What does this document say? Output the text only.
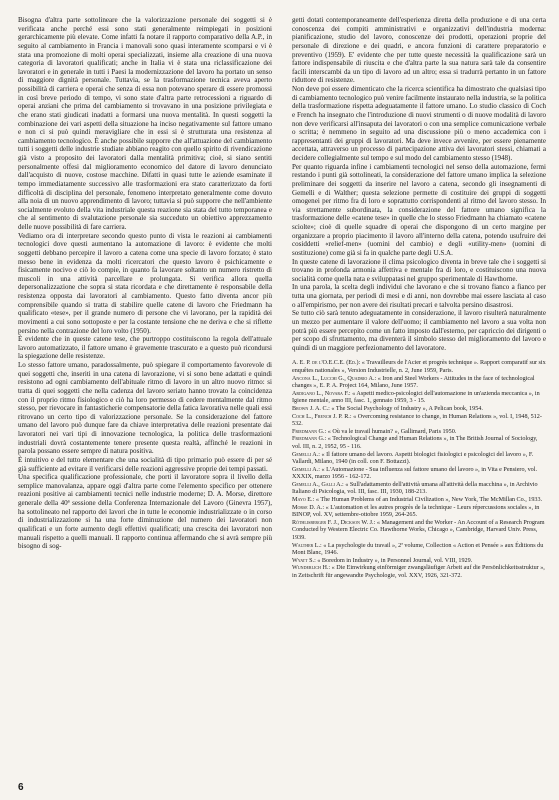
Bisogna d'altra parte sottolineare che la valorizzazione personale dei soggetti si è verificata anche perché essi sono stati generalmente reimpiegati in posizioni gerarchicamente più elevate. Come infatti fa notare il rapporto comparativo della A.P., in seguito al cambiamento in Francia i manovali sono quasi interamente scomparsi e vi è stata una promozione di molti operai specializzati, insieme alla creazione di una nuova categoria di lavoratori qualificati; anche in Italia vi è stata una riclassificazione dei lavoratori e in generale in tutti i Paesi la modernizzazione del lavoro ha portato un senso di maggiore dignità personale. Tuttavia, se la trasformazione tecnica aveva aperto possibilità di carriera e operai che senza di essa non potevano sperare di essere promossi in così breve periodo di tempo, vi sono state d'altra parte retrocessioni a riguardo di operai anziani che prima del cambiamento si trovavano in una posizione privilegiata e che erano stati giudicati inadatti a formarsi una nuova mentalità. In questi soggetti la combinazione dei vari aspetti della situazione ha inciso negativamente sul fattore umano e non ci si può quindi meravigliare che in essi si è strutturata una resistenza al cambiamento tecnologico. È anche possibile supporre che all'attuazione del cambiamento tutti i soggetti delle industrie studiate abbiano reagito con quello spirito di rivendicazione già visto a proposito dei lavoratori dalla mentalità primitiva; cioè, si siano sentiti personalmente offesi dal miglioramento economico del datore di lavoro denunciato dall'acquisto di nuove, costose macchine. Difatti in quasi tutte le aziende esaminate il tempo immediatamente successivo alle trasformazioni era stato caratterizzato da forti difficoltà di disciplina del personale, fenomeno interpretato generalmente come dovuto alla noia di un nuovo apprendimento di lavoro; tuttavia si può supporre che nell'ambiente socialmente evoluto della vita industriale questa reazione sia stata del tutto temporanea e che al sentimento di svalutazione personale sia succeduto un obiettivo apprezzamento delle nuove possibilità di fare carriera.

Vediamo ora di interpretare secondo questo punto di vista le reazioni ai cambiamenti tecnologici dove questi aumentano la automazione di lavoro: è evidente che molti soggetti debbano percepire il lavoro a catena come una specie di lavoro forzato; è stato messo bene in evidenza da molti ricercatori che questo lavoro è psichicamente e fisicamente nocivo e ciò lo compie, in quanto fa lavorare soltanto un numero ristretto di muscoli in una attività parcellare e prolungata. Si verifica allora quella depersonalizzazione che sopra si stata ricordata e che direttamente è responsabile della resistenza opposta dai lavoratori al cambiamento. Questo fatto diventa ancor più comprensibile quando si tratta di stabilire quelle catene di lavoro che Friedmann ha qualificato «tese», per il grande numero di persone che vi lavorano, per la rapidità dei movimenti a cui sono sottoposte e per la costante tensione che ne deriva e che si riflette persino nella contrazione del loro volto (1950).

È evidente che in queste catene tese, che purtroppo costituiscono la regola dell'attuale lavoro automatizzato, il fattore umano è gravemente trascurato e a questo può ricondursi la spiegazione delle resistenze.

Lo stesso fattore umano, paradossalmente, può spiegare il comportamento favorevole di quei soggetti che, inseriti in una catena di lavorazione, vi si sono bene adattati e quindi resistono ad ogni cambiamento dell'abituale ritmo di lavoro in un altro nuovo ritmo: si tratta di quei soggetti che nella cadenza del lavoro seriato hanno trovato la coincidenza con il proprio ritmo fisiologico e ciò ha loro permesso di cedere mentalmente dal ritmo stesso, per rievocare in fantasticherie compensatorie della fatica lavorativa nelle quali essi ritrovano un certo tipo di valorizzazione personale. Se la considerazione del fattore umano del lavoro può dunque fare da chiave interpretativa delle reazioni presentate dai lavoratori nei vari tipi di innovazione tecnologica, la politica delle trasformazioni industriali dovrà costantemente tenere presente questa realtà, affinché le reazioni in parola possano essere sempre di natura positiva.

È intuitivo e del tutto elementare che una socialità di tipo primario può essere di per sé già sufficiente ad evitare il verificarsi delle reazioni aggressive proprie dei tempi passati.

Una specifica qualificazione professionale, che porti il lavoratore sopra il livello della semplice manovalanza, appare oggi d'altra parte come l'elemento specifico per ottenere reazioni positive ai cambiamenti tecnici nelle industrie moderne; D. A. Morse, direttore generale della 40ª sessione della Conferenza Internazionale del Lavoro (Ginevra 1957), ha sottolineato nel rapporto dei lavori che in tutte le economie industrializzate o in corso di industrializzazione si ha una forte diminuzione del numero dei lavoratori non qualificati e un forte aumento degli effettivi qualificati; una crescita dei lavoratori non manuali rispetto a quelli manuali. Il rapporto continua affermando che si avrà sempre più bisogno di sog-

getti dotati contemporaneamente dell'esperienza diretta della produzione e di una certa conoscenza dei compiti amministrativi e organizzativi dell'industria moderna: pianificazione, studio del lavoro, conoscenze dei prodotti, operazioni proprie del personale di direzione e dei quadri, e ancora funzioni di carattere preparatorio e preventivo (1959). E' evidente che per tutte queste necessità la qualificazione sarà un fattore indispensabile di riuscita e che d'altra parte la sua natura sarà tale da consentire facili interscambi da un tipo di lavoro ad un altro; essa si tradurrà pertanto in un fattore riduttore di resistenze.

Non deve poi essere dimenticato che la ricerca scientifica ha dimostrato che qualsiasi tipo di cambiamento tecnologico può venire facilmente instaurato nella industria, se la politica della trasformazione rispetta adeguatamente il fattore umano. Lo studio classico di Coch e French ha insegnato che l'introduzione di nuovi strumenti o di nuove modalità di lavoro non deve verificarsi all'insaputa dei lavoratori o con una semplice comunicazione verbale o scritta; è nemmeno in seguito ad una discussione più o meno accademica con i rappresentanti dei gruppi di lavoratori. Ma deve invece avvenire, per essere pienamente accettata, attraverso un processo di partecipazione attiva dei lavoratori stessi, chiamati a decidere collegialmente sul tempo e sul modo del cambiamento stesso (1948).

Per quanto riguarda infine i cambiamenti tecnologici nel senso della automazione, fermi restando i punti già sottolineati, la considerazione del fattore umano implica la selezione preliminare dei soggetti da inserire nel lavoro a catena, secondo gli insegnamenti di Gemelli e di Walther; questa selezione permette di costituire dei gruppi di soggetti omogenei per ritmo fra di loro e soprattutto corrispondenti al ritmo del lavoro stesso. In via strettamente subordinata, la considerazione del fattore umano significa la trasformazione delle «catene tese» in quelle che lo stesso Friedmann ha chiamato «catene sciolte»; cioè di quelle squadre di operai che dispongono di un certo margine per organizzare a proprio piacimento il lavoro all'interno della catena, potendo usufruire dei cosiddetti «relief-men» (uomini del cambio) e degli «utility-men» (uomini di sostituzione) come già si fa in qualche parte degli U.S.A.

In queste catene di lavorazione il clima psicologico diventa in breve tale che i soggetti si trovano in profonda armonia affettiva e mentale fra di loro, e costituiscono una nuova socialità come quella nata e sviluppatasi nel gruppo sperimentale di Hawthorne.

In una parola, la scelta degli individui che lavorano e che si trovano fianco a fianco per tutta una giornata, per periodi di mesi e di anni, non dovrebbe mai essere lasciata al caso o all'empirismo, per non avere dei risultati precari e talvolta persino disastrosi.

Se tutto ciò sarà tenuto adeguatamente in considerazione, il lavoro risulterà naturalmente un mezzo per aumentare il valore dell'uomo; il cambiamento nel lavoro a sua volta non potrà più essere percepito come un fatto imposto dall'esterno, per capriccio dei dirigenti o per scopo di sfruttamento, ma diventerà il simbolo stesso del miglioramento del lavoro e quindi di un maggiore perfezionamento del lavoratore.

A. E. P. de l'O.E.C.E. (Ed.): « Travailleurs de l'Acier et progrès technique ». Rapport comparatif sur six enquêtes nationales », Version Industrielle, n. 2, June 1959, Paris.

Ancona L., Lucchi G., Quadrio A.: « Iron and Steel Workers - Attitudes in the face of technological changes », E. P. A. Project 164, Milano, June 1957.

Ardigano L., Novara F.: « Aspetti medico-psicologici dell'automazione in un'azienda meccanica », in Igiene mentale, anno III, fasc. 1, gennaio 1959, 3 - 15.

Brown J. A. C.: « The Social Psychology of Industry », A Pelican book, 1954.

Coch L., French J. P. R.: « Overcoming resistance to change, in Human Relations », vol. I, 1948, 512-532.

Friedmann G.: « Où va le travail humain? », Gallimard, Paris 1950.

Friedmann G.: « Technological Change and Human Relations », in The British Journal of Sociology, vol. III, n. 2, 1952, 95 - 116.

Gemelli A.: « Il fattore umano del lavoro. Aspetti biologici fisiologici e psicologici del lavoro », F. Vallardi, Milano, 1940 (in coll. con F. Bottazzi).

Gemelli A.: « L'Automazione - Sua influenza sul fattore umano del lavoro », in Vita e Pensiero, vol. XXXIX, marzo 1956 - 162-172.

Gemelli A., Galli A.: « Sull'adattamento dell'attività umana all'attività della macchina », in Archivio Italiano di Psicologia, vol. III, fasc. III, 1930, 188-213.

Mayo E.: « The Human Problems of an Industrial Civilization », New York, The McMillan Co., 1933.

Morse D. A.: « L'automation et les autres progrès de la technique - Leurs répercussions sociales », in BINOP, vol. XV, settembre-ottobre 1959, 264-265.

Röthlisberger F. J., Dickson W. J.: « Management and the Worker - An Account of a Research Program Conducted by Western Electric Co. Hawthorne Works, Chicago », Cambridge, Harvard Univ. Press, 1939.

Walther L.: « La psychologie du travail », 2ª volume, Collection « Action et Pensée » aux Éditions du Mont Blanc, 1946.

Wyatt S.: « Boredom in Industry », in Personnel Journal, vol. VIII, 1929.

Wunderlich H.: « Die Einwirkung einförmiger zwangsläufiger Arbeit auf die Persönlichkeitsstruktur », in Zeitschrift für angewandte Psychologie, vol. XXV, 1926, 321-372.

6
